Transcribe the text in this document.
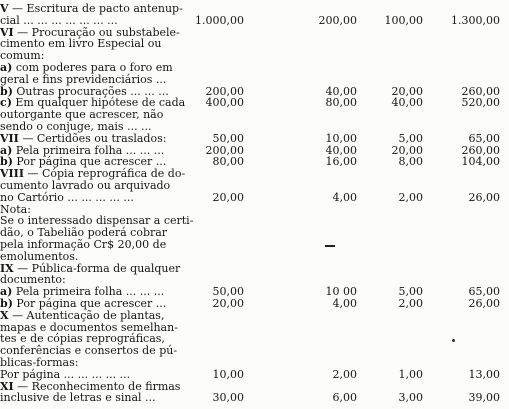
V — Escritura de pacto antenup-
cial ... ... ... ... ... ... ...	1.000,00	200,00	100,00	1.300,00
VI — Procuração ou substabele-
cimento em livro Especial ou
comum:
a) com poderes para o foro em
geral e fins previdenciários ...
b) Outras procurações ... ... ...	200,00	40,00	20,00	260,00
c) Em qualquer hipótese de cada 400,00	80,00	40,00	520,00
outorgante que acrescer, não
sendo o conjuge, mais ... ...
VII — Certidões ou traslados:	50,00	10,00	5,00	65,00
a) Pela primeira folha ... ... ...	200,00	40,00	20,00	260,00
b) Por página que acrescer ...	80,00	16,00	8,00	104,00
VIII — Cópia reprográfica de do-
cumento lavrado ou arquivado
no Cartório ... ... ... ... ...	20,00	4,00	2,00	26,00
Nota:
Se o interessado dispensar a certi-
dão, o Tabelião poderá cobrar
pela informação Cr$ 20,00 de
emolumentos.
IX — Pública-forma de qualquer
documento:
a) Pela primeira folha ... ... ...	50,00	10 00	5,00	65,00
b) Por página que acrescer ...	20,00	4,00	2,00	26,00
X — Autenticação de plantas,
mapas e documentos semelhan-
tes e de cópias reprográficas,
conferências e consertos de pú-
blicas-formas:
Por página ... ... ... ... ...	10,00	2,00	1,00	13,00
XI — Reconhecimento de firmas
inclusive de letras e sinal ...	30,00	6,00	3,00	39,00
